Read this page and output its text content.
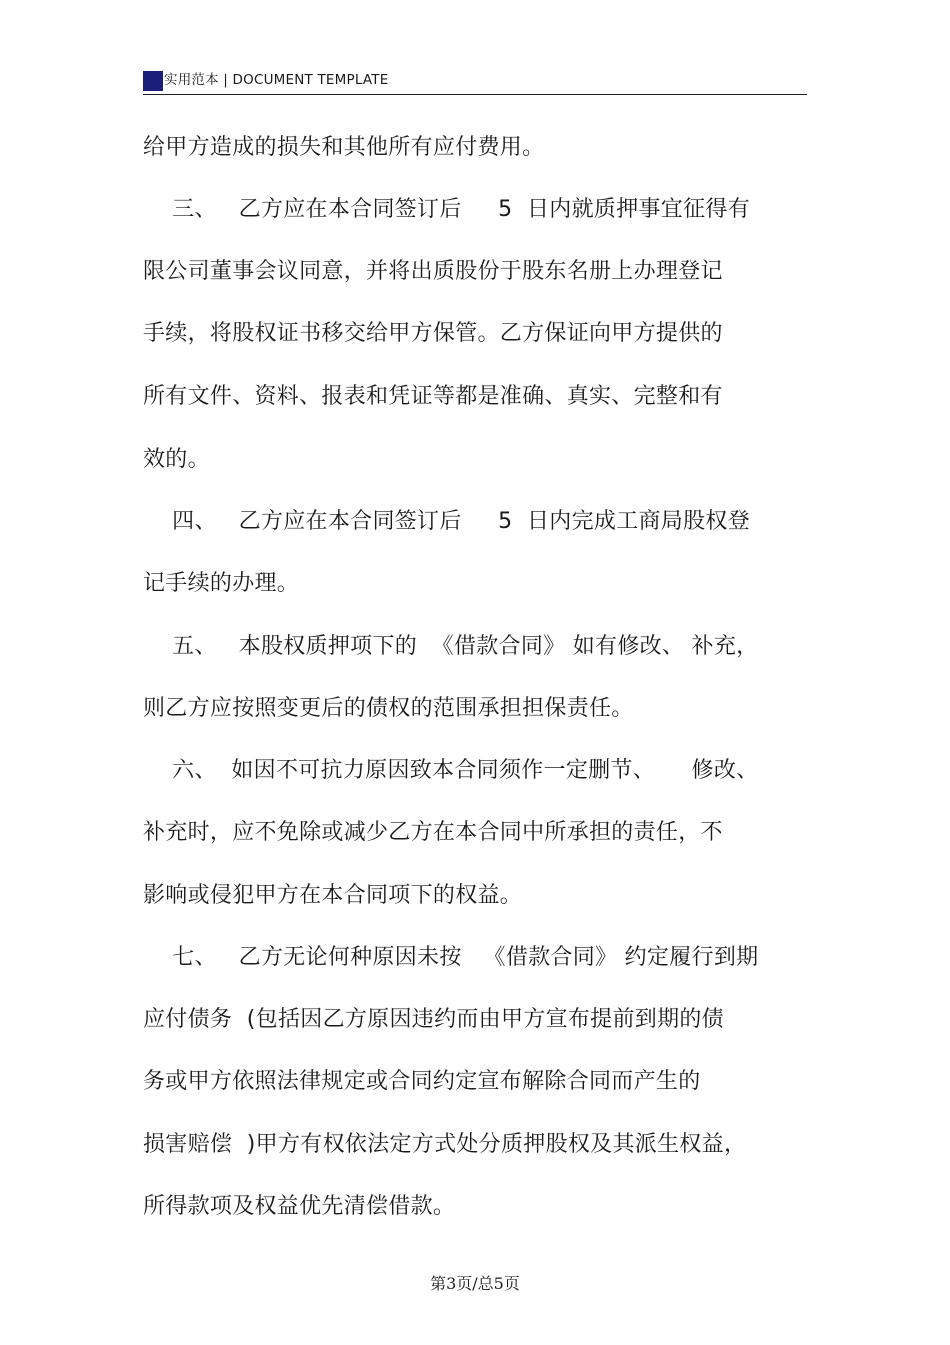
实用范本 | DOCUMENT TEMPLATE
给甲方造成的损失和其他所有应付费用。
三、   乙方应在本合同签订后     5  日内就质押事宜征得有
限公司董事会议同意，并将出质股份于股东名册上办理登记
手续，将股权证书移交给甲方保管。乙方保证向甲方提供的
所有文件、资料、报表和凭证等都是准确、真实、完整和有
效的。
四、   乙方应在本合同签订后     5  日内完成工商局股权登
记手续的办理。
五、   本股权质押项下的  《借款合同》 如有修改、 补充，
则乙方应按照变更后的债权的范围承担担保责任。
六、  如因不可抗力原因致本合同须作一定删节、     修改、
补充时，应不免除或减少乙方在本合同中所承担的责任，不
影响或侵犯甲方在本合同项下的权益。
七、   乙方无论何种原因未按   《借款合同》 约定履行到期
应付债务  (包括因乙方原因违约而由甲方宣布提前到期的债
务或甲方依照法律规定或合同约定宣布解除合同而产生的
损害赔偿  )甲方有权依法定方式处分质押股权及其派生权益，
所得款项及权益优先清偿借款。
第3页/总5页
